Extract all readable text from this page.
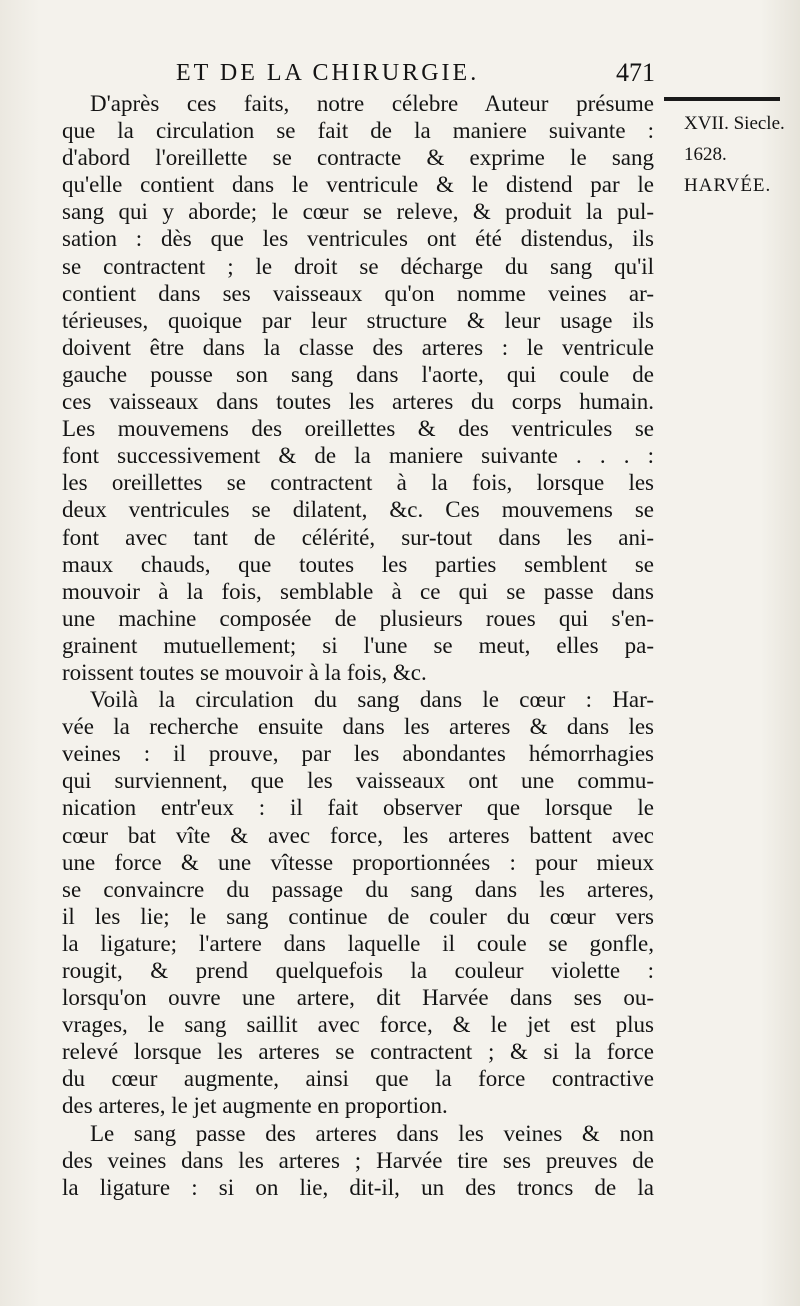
ET DE LA CHIRURGIE.	471
XVII. Siecle.
1628.
HARVÉE.
D'après ces faits, notre célebre Auteur présume
que la circulation se fait de la maniere suivante :
d'abord l'oreillette se contracte & exprime le sang
qu'elle contient dans le ventricule & le distend par le
sang qui y aborde; le cœur se releve, & produit la pul-
sation : dès que les ventricules ont été distendus, ils
se contractent ; le droit se décharge du sang qu'il
contient dans ses vaisseaux qu'on nomme veines ar-
térieuses, quoique par leur structure & leur usage ils
doivent être dans la classe des arteres : le ventricule
gauche pousse son sang dans l'aorte, qui coule de
ces vaisseaux dans toutes les arteres du corps humain.
Les mouvemens des oreillettes & des ventricules se
font successivement & de la maniere suivante . . . :
les oreillettes se contractent à la fois, lorsque les
deux ventricules se dilatent, &c. Ces mouvemens se
font avec tant de célérité, sur-tout dans les ani-
maux chauds, que toutes les parties semblent se
mouvoir à la fois, semblable à ce qui se passe dans
une machine composée de plusieurs roues qui s'en-
grainent mutuellement; si l'une se meut, elles pa-
roissent toutes se mouvoir à la fois, &c.
Voilà la circulation du sang dans le cœur : Har-
vée la recherche ensuite dans les arteres & dans les
veines : il prouve, par les abondantes hémorrhagies
qui surviennent, que les vaisseaux ont une commu-
nication entr'eux : il fait observer que lorsque le
cœur bat vîte & avec force, les arteres battent avec
une force & une vîtesse proportionnées : pour mieux
se convaincre du passage du sang dans les arteres,
il les lie; le sang continue de couler du cœur vers
la ligature; l'artere dans laquelle il coule se gonfle,
rougit, & prend quelquefois la couleur violette :
lorsqu'on ouvre une artere, dit Harvée dans ses ou-
vrages, le sang saillit avec force, & le jet est plus
relevé lorsque les arteres se contractent ; & si la force
du cœur augmente, ainsi que la force contractive
des arteres, le jet augmente en proportion.
Le sang passe des arteres dans les veines & non
des veines dans les arteres ; Harvée tire ses preuves de
la ligature : si on lie, dit-il, un des troncs de la
